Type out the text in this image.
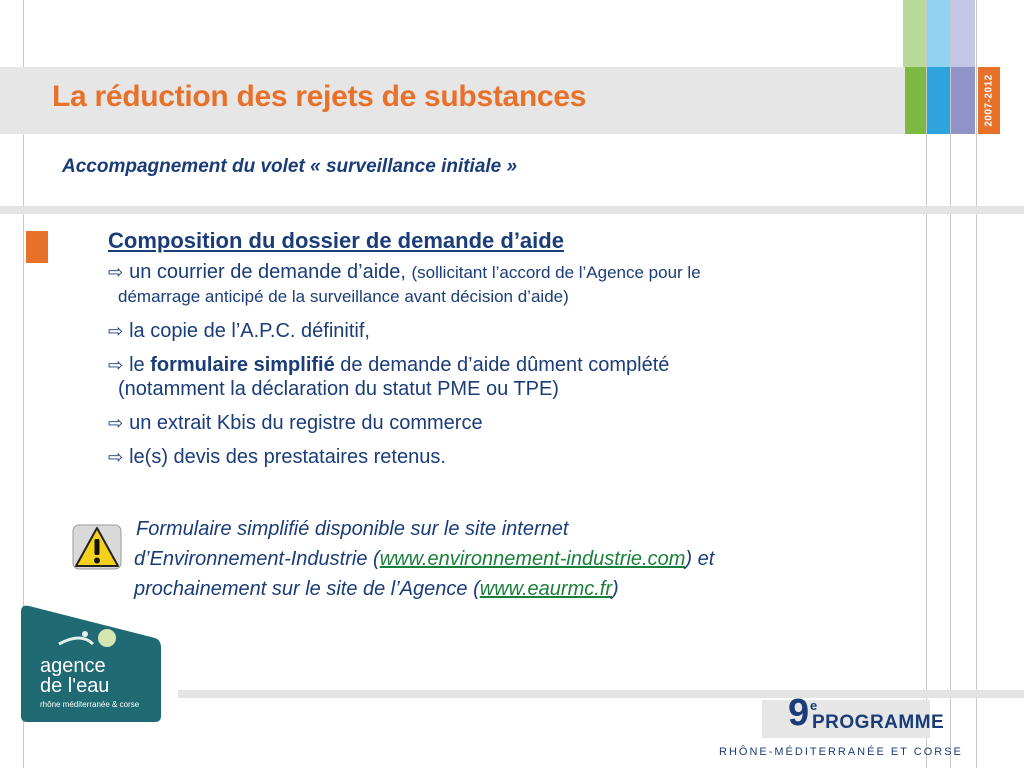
2007-2012
La réduction des rejets de substances
Accompagnement du volet « surveillance initiale »

Composition du dossier de demande d’aide

⇨ un courrier de demande d’aide, (sollicitant l’accord de l’Agence pour le
démarrage anticipé de la surveillance avant décision d’aide)

⇨ la copie de l’A.P.C. définitif,

⇨ le formulaire simplifié de demande d’aide dûment complété
(notamment la déclaration du statut PME ou TPE)

⇨ un extrait Kbis du registre du commerce

⇨ le(s) devis des prestataires retenus.

Formulaire simplifié disponible sur le site internet
d’Environnement-Industrie (www.environnement-industrie.com) et
prochainement sur le site de l’Agence (www.eaurmc.fr)
agence
de l'eau
rhône méditerranée & corse	9 e
PROGRAMME
RHÔNE-MÉDITERRANÉE ET CORSE
